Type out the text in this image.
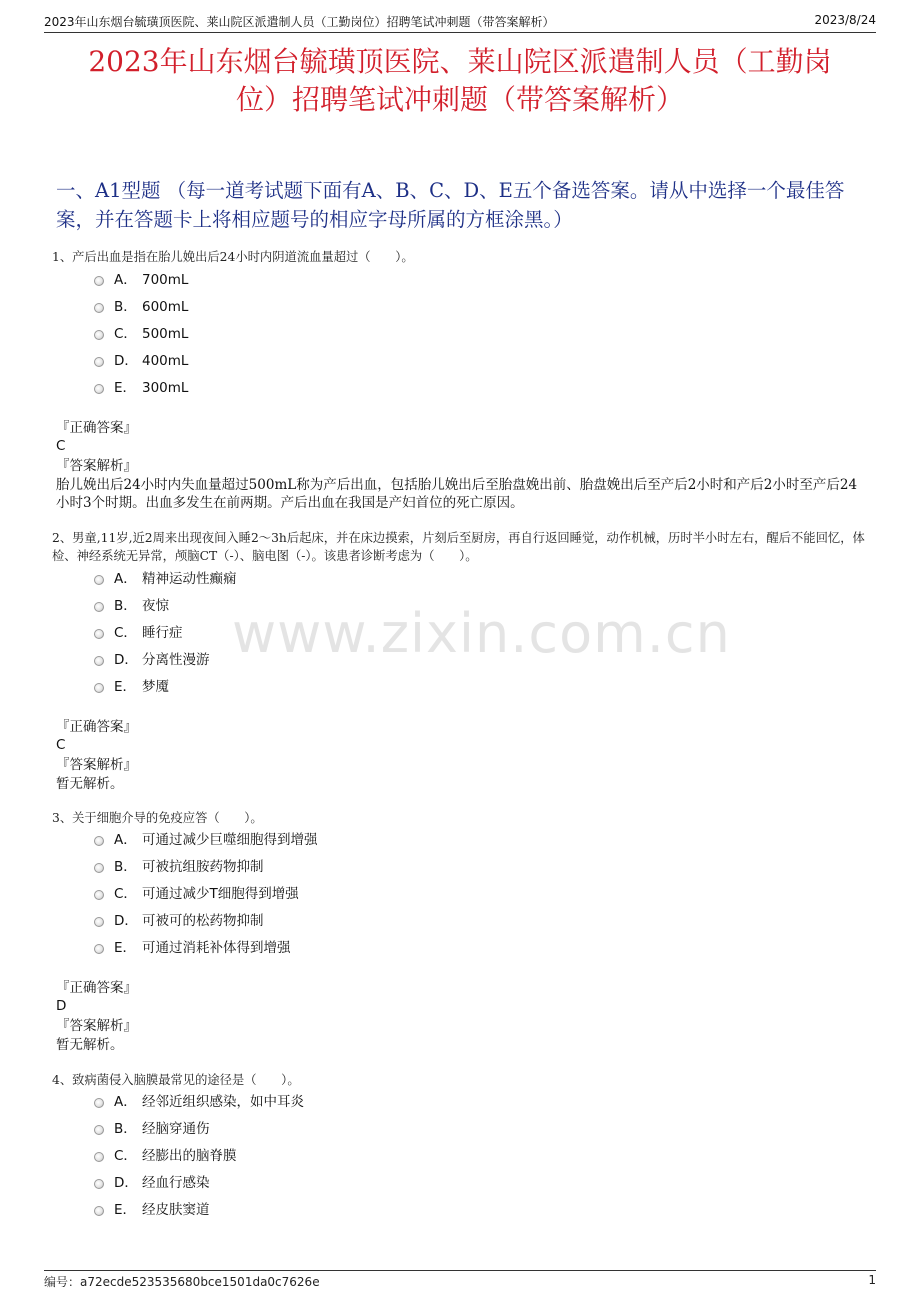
2023年山东烟台毓璜顶医院、莱山院区派遣制人员（工勤岗位）招聘笔试冲刺题（带答案解析）	2023/8/24
2023年山东烟台毓璜顶医院、莱山院区派遣制人员（工勤岗
位）招聘笔试冲刺题（带答案解析）
一、A1型题 （每一道考试题下面有A、B、C、D、E五个备选答案。请从中选择一个最佳答案，并在答题卡上将相应题号的相应字母所属的方框涂黑。）
www.zixin.com.cn
1、产后出血是指在胎儿娩出后24小时内阴道流血量超过（　　）。
A． 700mL
B． 600mL
C． 500mL
D． 400mL
E． 300mL
『正确答案』
C
『答案解析』
胎儿娩出后24小时内失血量超过500mL称为产后出血，包括胎儿娩出后至胎盘娩出前、胎盘娩出后至产后2小时和产后2小时至产后24小时3个时期。出血多发生在前两期。产后出血在我国是产妇首位的死亡原因。
2、男童,11岁,近2周来出现夜间入睡2～3h后起床，并在床边摸索，片刻后至厨房，再自行返回睡觉，动作机械，历时半小时左右，醒后不能回忆，体检、神经系统无异常，颅脑CT（-）、脑电图（-）。该患者诊断考虑为（　　）。
A． 精神运动性癫痫
B． 夜惊
C． 睡行症
D． 分离性漫游
E． 梦魇
『正确答案』
C
『答案解析』
暂无解析。
3、关于细胞介导的免疫应答（　　）。
A． 可通过减少巨噬细胞得到增强
B． 可被抗组胺药物抑制
C． 可通过减少T细胞得到增强
D． 可被可的松药物抑制
E． 可通过消耗补体得到增强
『正确答案』
D
『答案解析』
暂无解析。
4、致病菌侵入脑膜最常见的途径是（　　）。
A． 经邻近组织感染，如中耳炎
B． 经脑穿通伤
C． 经膨出的脑脊膜
D． 经血行感染
E． 经皮肤窦道
编号：a72ecde523535680bce1501da0c7626e	1
